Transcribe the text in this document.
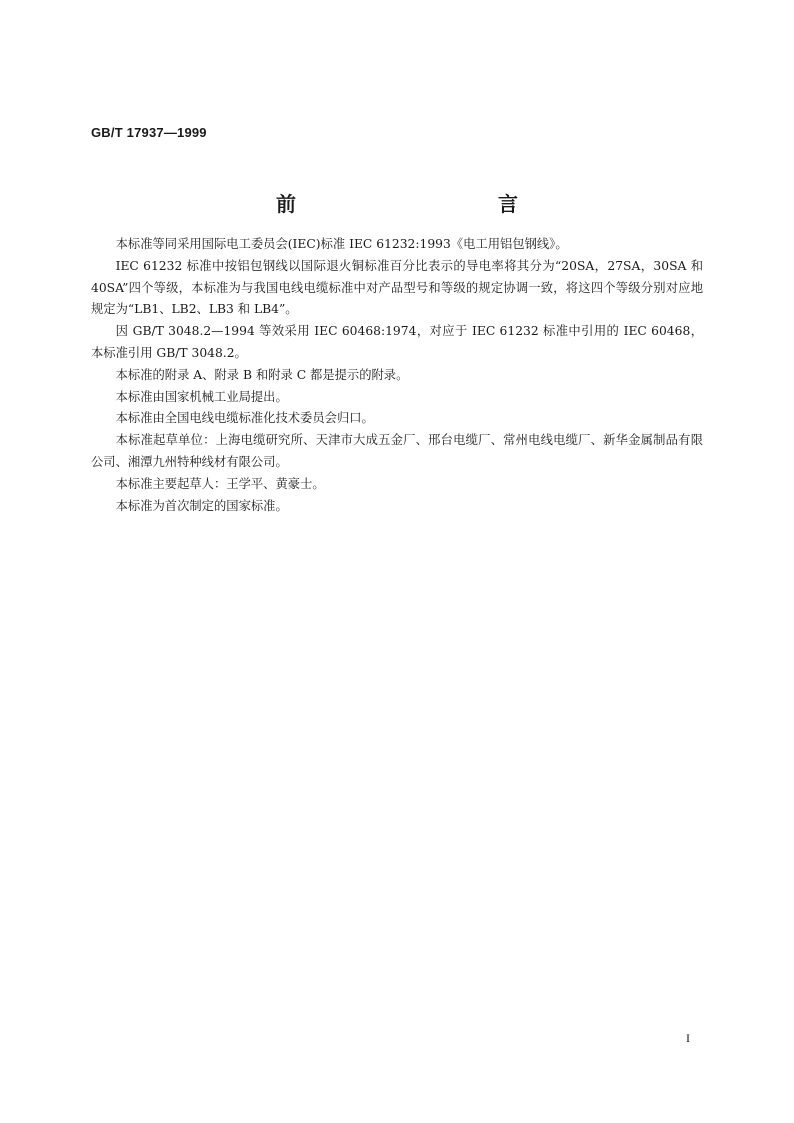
GB/T 17937—1999
前　　言

本标准等同采用国际电工委员会(IEC)标准 IEC 61232:1993《电工用铝包钢线》。

IEC 61232 标准中按铝包钢线以国际退火铜标准百分比表示的导电率将其分为“20SA，27SA，30SA 和 40SA”四个等级，本标准为与我国电线电缆标准中对产品型号和等级的规定协调一致，将这四个等级分别对应地规定为“LB1、LB2、LB3 和 LB4”。

因 GB/T 3048.2—1994 等效采用 IEC 60468:1974，对应于 IEC 61232 标准中引用的 IEC 60468，本标准引用 GB/T 3048.2。

本标准的附录 A、附录 B 和附录 C 都是提示的附录。

本标准由国家机械工业局提出。

本标准由全国电线电缆标准化技术委员会归口。

本标准起草单位：上海电缆研究所、天津市大成五金厂、邢台电缆厂、常州电线电缆厂、新华金属制品有限公司、湘潭九州特种线材有限公司。

本标准主要起草人：王学平、黄豪士。

本标准为首次制定的国家标准。

I
